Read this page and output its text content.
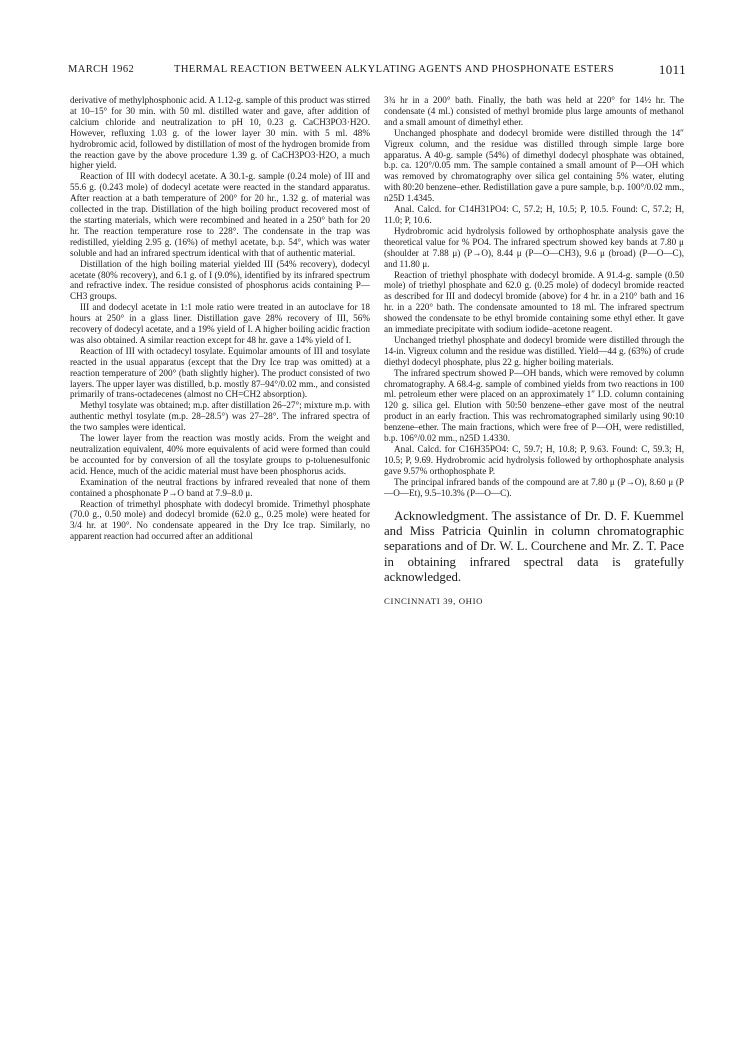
MARCH 1962	THERMAL REACTION BETWEEN ALKYLATING AGENTS AND PHOSPHONATE ESTERS	1011

derivative of methylphosphonic acid. A 1.12-g. sample of this product was stirred at 10–15° for 30 min. with 50 ml. distilled water and gave, after addition of calcium chloride and neutralization to pH 10, 0.23 g. CaCH3PO3·H2O. However, refluxing 1.03 g. of the lower layer 30 min. with 5 ml. 48% hydrobromic acid, followed by distillation of most of the hydrogen bromide from the reaction gave by the above procedure 1.39 g. of CaCH3PO3·H2O, a much higher yield.

Reaction of III with dodecyl acetate. A 30.1-g. sample (0.24 mole) of III and 55.6 g. (0.243 mole) of dodecyl acetate were reacted in the standard apparatus. After reaction at a bath temperature of 200° for 20 hr., 1.32 g. of material was collected in the trap. Distillation of the high boiling product recovered most of the starting materials, which were recombined and heated in a 250° bath for 20 hr. The reaction temperature rose to 228°. The condensate in the trap was redistilled, yielding 2.95 g. (16%) of methyl acetate, b.p. 54°, which was water soluble and had an infrared spectrum identical with that of authentic material.

Distillation of the high boiling material yielded III (54% recovery), dodecyl acetate (80% recovery), and 6.1 g. of I (9.0%), identified by its infrared spectrum and refractive index. The residue consisted of phosphorus acids containing P—CH3 groups.

III and dodecyl acetate in 1:1 mole ratio were treated in an autoclave for 18 hours at 250° in a glass liner. Distillation gave 28% recovery of III, 56% recovery of dodecyl acetate, and a 19% yield of I. A higher boiling acidic fraction was also obtained. A similar reaction except for 48 hr. gave a 14% yield of I.

Reaction of III with octadecyl tosylate. Equimolar amounts of III and tosylate reacted in the usual apparatus (except that the Dry Ice trap was omitted) at a reaction temperature of 200° (bath slightly higher). The product consisted of two layers. The upper layer was distilled, b.p. mostly 87–94°/0.02 mm., and consisted primarily of trans-octadecenes (almost no CH=CH2 absorption).

Methyl tosylate was obtained; m.p. after distillation 26–27°; mixture m.p. with authentic methyl tosylate (m.p. 28–28.5°) was 27–28°. The infrared spectra of the two samples were identical.

The lower layer from the reaction was mostly acids. From the weight and neutralization equivalent, 40% more equivalents of acid were formed than could be accounted for by conversion of all the tosylate groups to p-toluenesulfonic acid. Hence, much of the acidic material must have been phosphorus acids.

Examination of the neutral fractions by infrared revealed that none of them contained a phosphonate P→O band at 7.9–8.0 μ.

Reaction of trimethyl phosphate with dodecyl bromide. Trimethyl phosphate (70.0 g., 0.50 mole) and dodecyl bromide (62.0 g., 0.25 mole) were heated for 3/4 hr. at 190°. No condensate appeared in the Dry Ice trap. Similarly, no apparent reaction had occurred after an additional

3¾ hr in a 200° bath. Finally, the bath was held at 220° for 14½ hr. The condensate (4 ml.) consisted of methyl bromide plus large amounts of methanol and a small amount of dimethyl ether.

Unchanged phosphate and dodecyl bromide were distilled through the 14″ Vigreux column, and the residue was distilled through simple large bore apparatus. A 40-g. sample (54%) of dimethyl dodecyl phosphate was obtained, b.p. ca. 120°/0.05 mm. The sample contained a small amount of P—OH which was removed by chromatography over silica gel containing 5% water, eluting with 80:20 benzene–ether. Redistillation gave a pure sample, b.p. 100°/0.02 mm., n25D 1.4345.

Anal. Calcd. for C14H31PO4: C, 57.2; H, 10.5; P, 10.5. Found: C, 57.2; H, 11.0; P, 10.6.

Hydrobromic acid hydrolysis followed by orthophosphate analysis gave the theoretical value for % PO4. The infrared spectrum showed key bands at 7.80 μ (shoulder at 7.88 μ) (P→O), 8.44 μ (P—O—CH3), 9.6 μ (broad) (P—O—C), and 11.80 μ.

Reaction of triethyl phosphate with dodecyl bromide. A 91.4-g. sample (0.50 mole) of triethyl phosphate and 62.0 g. (0.25 mole) of dodecyl bromide reacted as described for III and dodecyl bromide (above) for 4 hr. in a 210° bath and 16 hr. in a 220° bath. The condensate amounted to 18 ml. The infrared spectrum showed the condensate to be ethyl bromide containing some ethyl ether. It gave an immediate precipitate with sodium iodide–acetone reagent.

Unchanged triethyl phosphate and dodecyl bromide were distilled through the 14-in. Vigreux column and the residue was distilled. Yield—44 g. (63%) of crude diethyl dodecyl phosphate, plus 22 g. higher boiling materials.

The infrared spectrum showed P—OH bands, which were removed by column chromatography. A 68.4-g. sample of combined yields from two reactions in 100 ml. petroleum ether were placed on an approximately 1″ I.D. column containing 120 g. silica gel. Elution with 50:50 benzene–ether gave most of the neutral product in an early fraction. This was rechromatographed similarly using 90:10 benzene–ether. The main fractions, which were free of P—OH, were redistilled, b.p. 106°/0.02 mm., n25D 1.4330.

Anal. Calcd. for C16H35PO4: C, 59.7; H, 10.8; P, 9.63. Found: C, 59.3; H, 10.5; P, 9.69. Hydrobromic acid hydrolysis followed by orthophosphate analysis gave 9.57% orthophosphate P.

The principal infrared bands of the compound are at 7.80 μ (P→O), 8.60 μ (P—O—Et), 9.5–10.3% (P—O—C).

Acknowledgment. The assistance of Dr. D. F. Kuemmel and Miss Patricia Quinlin in column chromatographic separations and of Dr. W. L. Courchene and Mr. Z. T. Pace in obtaining infrared spectral data is gratefully acknowledged.

CINCINNATI 39, OHIO
